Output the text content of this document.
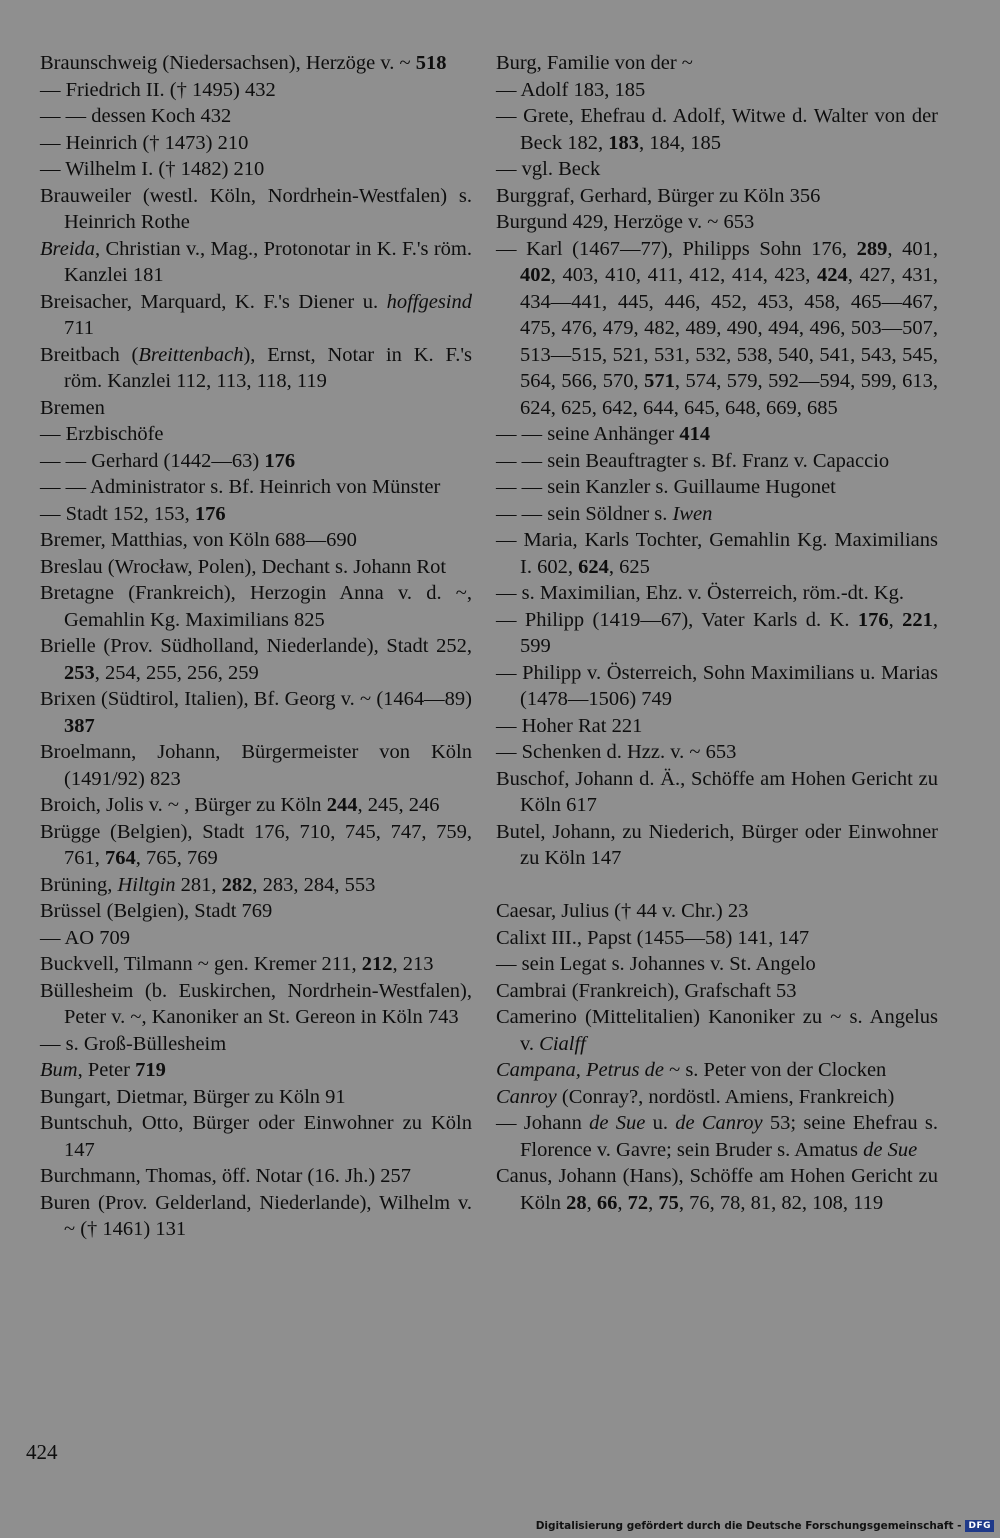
Braunschweig (Niedersachsen), Herzöge v. ~ 518

— Friedrich II. († 1495) 432

— — dessen Koch 432

— Heinrich († 1473) 210

— Wilhelm I. († 1482) 210

Brauweiler (westl. Köln, Nordrhein-Westfalen) s. Heinrich Rothe

Breida, Christian v., Mag., Protonotar in K. F.'s röm. Kanzlei 181

Breisacher, Marquard, K. F.'s Diener u. hoffgesind 711

Breitbach (Breittenbach), Ernst, Notar in K. F.'s röm. Kanzlei 112, 113, 118, 119

Bremen

— Erzbischöfe

— — Gerhard (1442—63) 176

— — Administrator s. Bf. Heinrich von Münster

— Stadt 152, 153, 176

Bremer, Matthias, von Köln 688—690

Breslau (Wrocław, Polen), Dechant s. Johann Rot

Bretagne (Frankreich), Herzogin Anna v. d. ~, Gemahlin Kg. Maximilians 825

Brielle (Prov. Südholland, Niederlande), Stadt 252, 253, 254, 255, 256, 259

Brixen (Südtirol, Italien), Bf. Georg v. ~ (1464—89) 387

Broelmann, Johann, Bürgermeister von Köln (1491/92) 823

Broich, Jolis v. ~ , Bürger zu Köln 244, 245, 246

Brügge (Belgien), Stadt 176, 710, 745, 747, 759, 761, 764, 765, 769

Brüning, Hiltgin 281, 282, 283, 284, 553

Brüssel (Belgien), Stadt 769

— AO 709

Buckvell, Tilmann ~ gen. Kremer 211, 212, 213

Büllesheim (b. Euskirchen, Nordrhein-Westfalen), Peter v. ~, Kanoniker an St. Gereon in Köln 743

— s. Groß-Büllesheim

Bum, Peter 719

Bungart, Dietmar, Bürger zu Köln 91

Buntschuh, Otto, Bürger oder Einwohner zu Köln 147

Burchmann, Thomas, öff. Notar (16. Jh.) 257

Buren (Prov. Gelderland, Niederlande), Wilhelm v. ~ († 1461) 131

Burg, Familie von der ~

— Adolf 183, 185

— Grete, Ehefrau d. Adolf, Witwe d. Walter von der Beck 182, 183, 184, 185

— vgl. Beck

Burggraf, Gerhard, Bürger zu Köln 356

Burgund 429, Herzöge v. ~ 653

— Karl (1467—77), Philipps Sohn 176, 289, 401, 402, 403, 410, 411, 412, 414, 423, 424, 427, 431, 434—441, 445, 446, 452, 453, 458, 465—467, 475, 476, 479, 482, 489, 490, 494, 496, 503—507, 513—515, 521, 531, 532, 538, 540, 541, 543, 545, 564, 566, 570, 571, 574, 579, 592—594, 599, 613, 624, 625, 642, 644, 645, 648, 669, 685

— — seine Anhänger 414

— — sein Beauftragter s. Bf. Franz v. Capaccio

— — sein Kanzler s. Guillaume Hugonet

— — sein Söldner s. Iwen

— Maria, Karls Tochter, Gemahlin Kg. Maximilians I. 602, 624, 625

— s. Maximilian, Ehz. v. Österreich, röm.-dt. Kg.

— Philipp (1419—67), Vater Karls d. K. 176, 221, 599

— Philipp v. Österreich, Sohn Maximilians u. Marias (1478—1506) 749

— Hoher Rat 221

— Schenken d. Hzz. v. ~ 653

Buschof, Johann d. Ä., Schöffe am Hohen Gericht zu Köln 617

Butel, Johann, zu Niederich, Bürger oder Einwohner zu Köln 147

Caesar, Julius († 44 v. Chr.) 23

Calixt III., Papst (1455—58) 141, 147

— sein Legat s. Johannes v. St. Angelo

Cambrai (Frankreich), Grafschaft 53

Camerino (Mittelitalien) Kanoniker zu ~ s. Angelus v. Cialff

Campana, Petrus de ~ s. Peter von der Clocken

Canroy (Conray?, nordöstl. Amiens, Frankreich)

— Johann de Sue u. de Canroy 53; seine Ehefrau s. Florence v. Gavre; sein Bruder s. Amatus de Sue

Canus, Johann (Hans), Schöffe am Hohen Gericht zu Köln 28, 66, 72, 75, 76, 78, 81, 82, 108, 119

424
Digitalisierung gefördert durch die Deutsche Forschungsgemeinschaft - DFG
